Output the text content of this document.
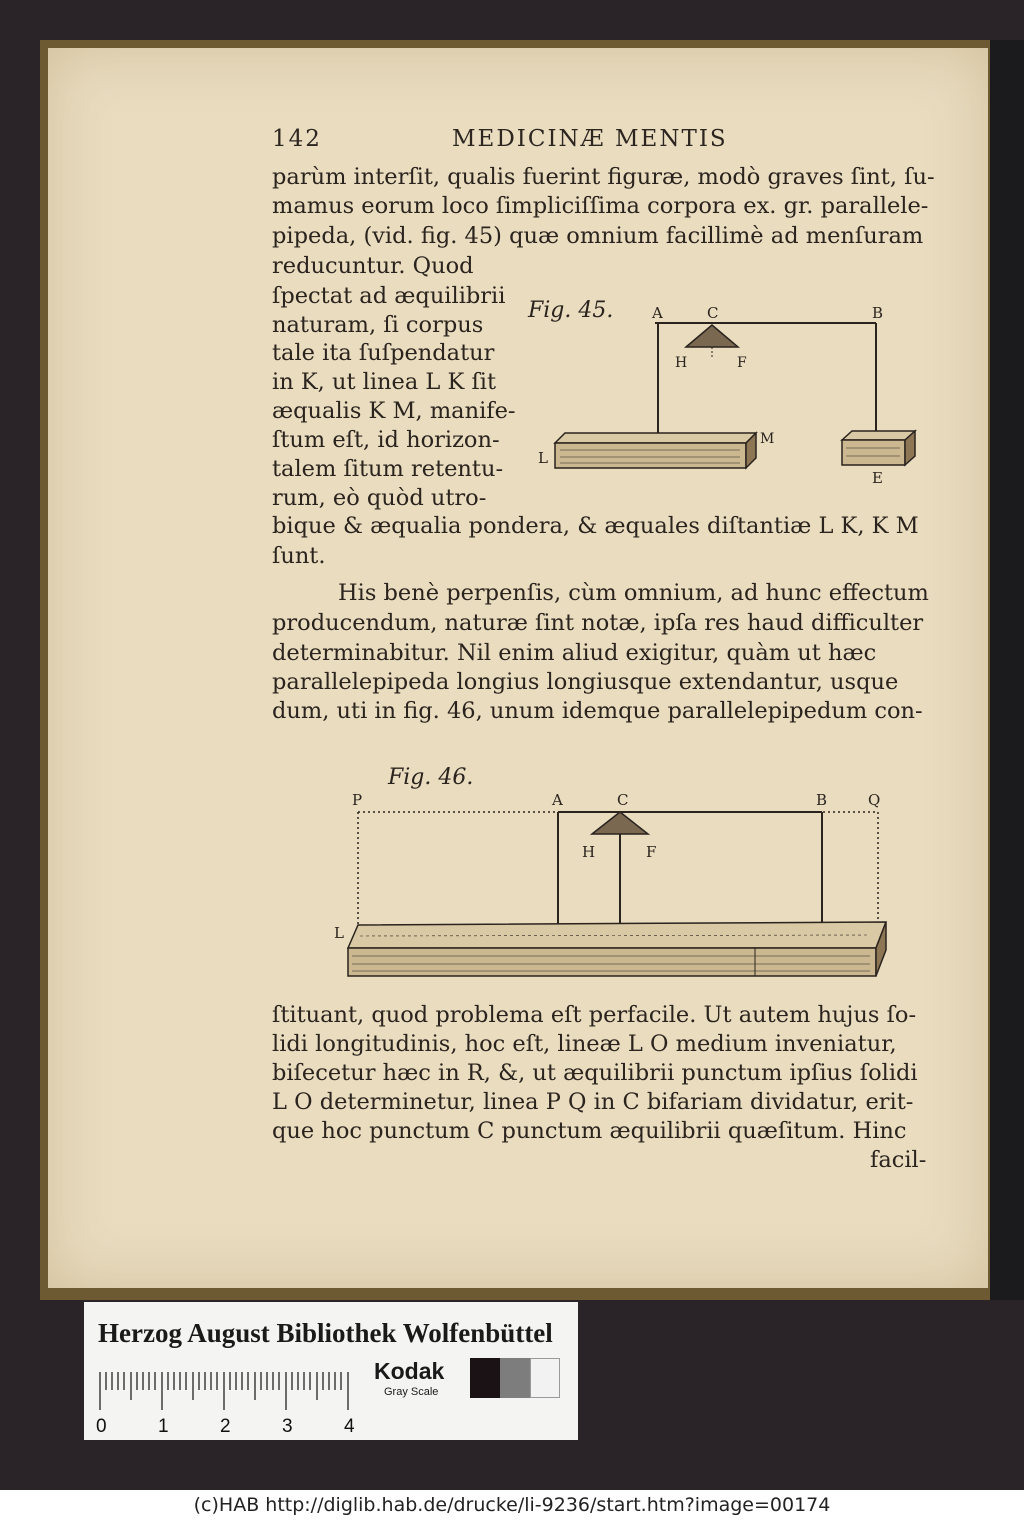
142	MEDICINÆ MENTIS
parùm interſit, qualis fuerint figuræ, modò graves ſint, ſu-
mamus eorum loco ſimpliciſſima corpora ex. gr. parallele-
pipeda, (vid. fig. 45) quæ omnium facillimè ad menſuram
reducuntur. Quod
ſpectat ad æquilibrii
naturam, ſi corpus
tale ita ſuſpendatur
in K, ut linea L K ſit
æqualis K M, manife-
ſtum eſt, id horizon-
talem ſitum retentu-
rum, eò quòd utro-
bique & æqualia pondera, & æquales diſtantiæ L K, K M
ſunt.
His benè perpenſis, cùm omnium, ad hunc effectum
producendum, naturæ ſint notæ, ipſa res haud difficulter
determinabitur. Nil enim aliud exigitur, quàm ut hæc
parallelepipeda longius longiusque extendantur, usque
dum, uti in fig. 46, unum idemque parallelepipedum con-
ſtituant, quod problema eſt perfacile. Ut autem hujus ſo-
lidi longitudinis, hoc eſt, lineæ L O medium inveniatur,
biſecetur hæc in R, &, ut æquilibrii punctum ipſius ſolidi
L O determinetur, linea P Q in C bifariam dividatur, erit-
que hoc punctum C punctum æquilibrii quæſitum. Hinc
facil-
Fig. 45.	A	C	B
H	F
M
L
E
Fig. 46.
P	A	C	B	Q
H	F
L
Herzog August Bibliothek Wolfenbüttel
0	1	2	3	4
Kodak
Gray Scale
(c)HAB http://diglib.hab.de/drucke/li-9236/start.htm?image=00174
